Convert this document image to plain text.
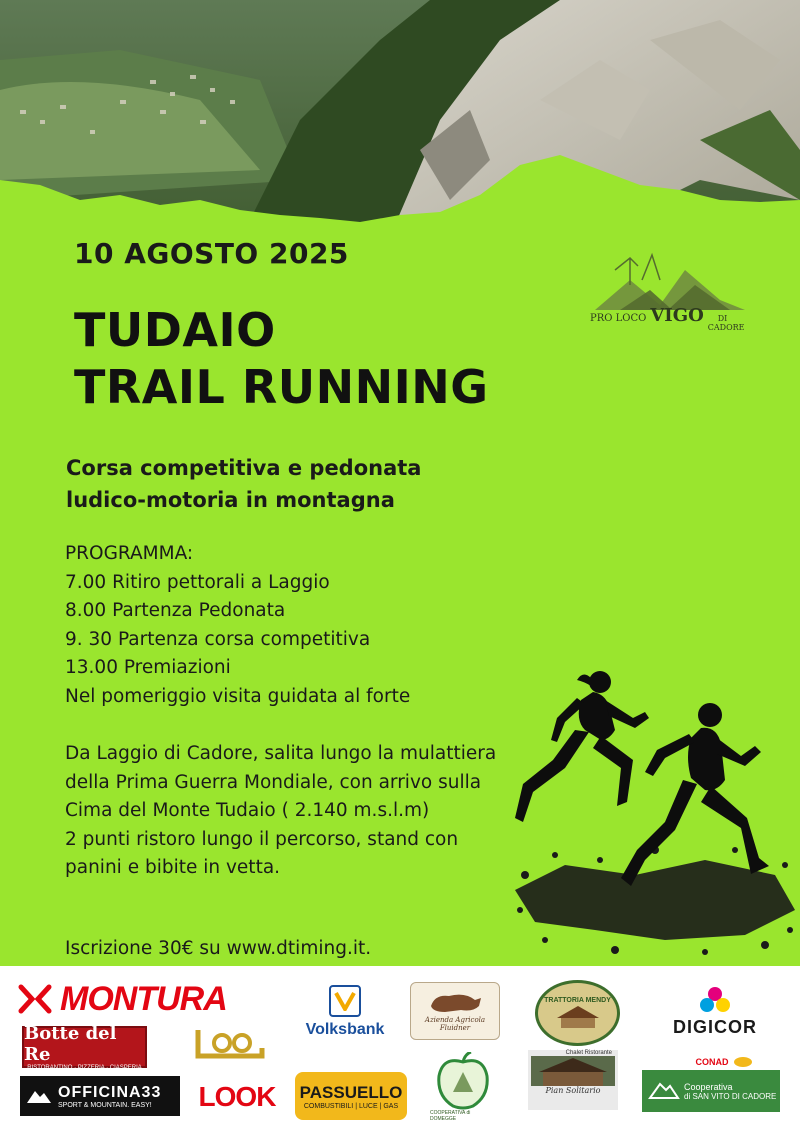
PRO LOCO VIGO	DI
CADORE
10 AGOSTO 2025
TUDAIO
TRAIL RUNNING
Corsa competitiva e pedonata
ludico-motoria in montagna
PROGRAMMA:
7.00 Ritiro pettorali a Laggio
8.00 Partenza Pedonata
9. 30 Partenza corsa competitiva
13.00 Premiazioni
Nel pomeriggio visita guidata al forte
Da Laggio di Cadore, salita lungo la mulattiera
della Prima Guerra Mondiale, con arrivo sulla
Cima del Monte Tudaio ( 2.140 m.s.l.m)
2 punti ristoro lungo il percorso, stand con
panini e bibite in vetta.
Iscrizione 30€ su www.dtiming.it.
MONTURA
Volksbank
Azienda Agricola Fluidner
TRATTORIA MENDY
DIGICOR
Botte del Re
RISTORANTINO · PIZZERIA · CIASPERIA
OFFICINA33
SPORT & MOUNTAIN. EASY! LOOK PASSUELLO
COMBUSTIBILI | LUCE | GAS
COOPERATIVA di DOMEGGE
Chalet Ristorante
Pian Solitario
CONAD
Cooperativa
di SAN VITO DI CADORE
